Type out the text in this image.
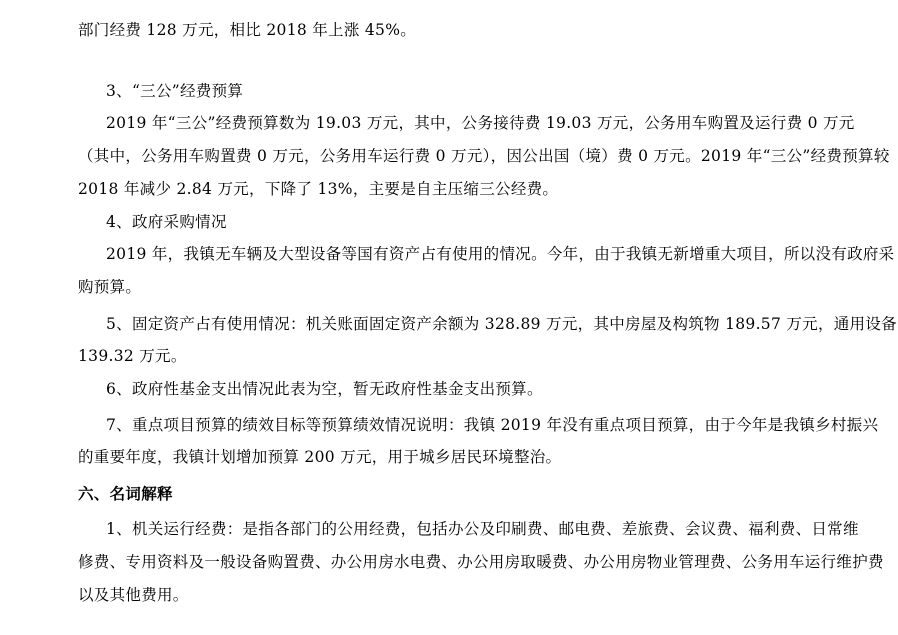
部门经费 128 万元，相比 2018 年上涨 45%。
3、“三公”经费预算
2019 年“三公”经费预算数为 19.03 万元，其中，公务接待费 19.03 万元，公务用车购置及运行费 0 万元
（其中，公务用车购置费 0 万元，公务用车运行费 0 万元），因公出国（境）费 0 万元。2019 年“三公”经费预算较
2018 年减少 2.84 万元，下降了 13%，主要是自主压缩三公经费。
4、政府采购情况
2019 年，我镇无车辆及大型设备等国有资产占有使用的情况。今年，由于我镇无新增重大项目，所以没有政府采
购预算。
5、固定资产占有使用情况：机关账面固定资产余额为 328.89 万元，其中房屋及构筑物 189.57 万元，通用设备
139.32 万元。
6、政府性基金支出情况此表为空，暂无政府性基金支出预算。
7、重点项目预算的绩效目标等预算绩效情况说明：我镇 2019 年没有重点项目预算，由于今年是我镇乡村振兴
的重要年度，我镇计划增加预算 200 万元，用于城乡居民环境整治。
六、名词解释
1、机关运行经费：是指各部门的公用经费，包括办公及印刷费、邮电费、差旅费、会议费、福利费、日常维
修费、专用资料及一般设备购置费、办公用房水电费、办公用房取暖费、办公用房物业管理费、公务用车运行维护费
以及其他费用。
